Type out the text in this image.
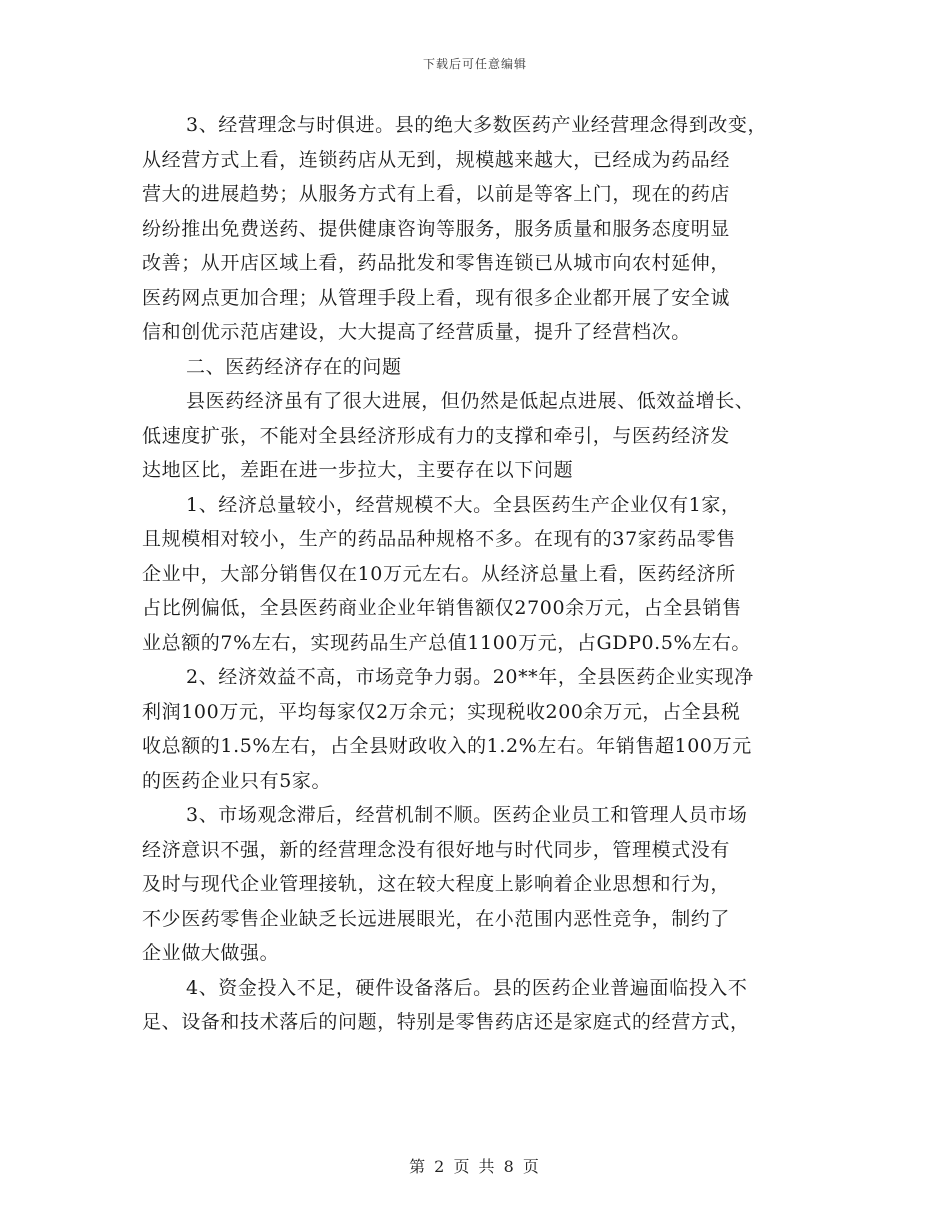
下载后可任意编辑
3、经营理念与时俱进。县的绝大多数医药产业经营理念得到改变，
从经营方式上看，连锁药店从无到，规模越来越大，已经成为药品经
营大的进展趋势；从服务方式有上看，以前是等客上门，现在的药店
纷纷推出免费送药、提供健康咨询等服务，服务质量和服务态度明显
改善；从开店区域上看，药品批发和零售连锁已从城市向农村延伸，
医药网点更加合理；从管理手段上看，现有很多企业都开展了安全诚
信和创优示范店建设，大大提高了经营质量，提升了经营档次。
二、医药经济存在的问题
县医药经济虽有了很大进展，但仍然是低起点进展、低效益增长、
低速度扩张，不能对全县经济形成有力的支撑和牵引，与医药经济发
达地区比，差距在进一步拉大，主要存在以下问题
1、经济总量较小，经营规模不大。全县医药生产企业仅有1家，
且规模相对较小，生产的药品品种规格不多。在现有的37家药品零售
企业中，大部分销售仅在10万元左右。从经济总量上看，医药经济所
占比例偏低，全县医药商业企业年销售额仅2700余万元，占全县销售
业总额的7%左右，实现药品生产总值1100万元，占GDP0.5%左右。
2、经济效益不高，市场竞争力弱。20**年，全县医药企业实现净
利润100万元，平均每家仅2万余元；实现税收200余万元，占全县税
收总额的1.5%左右，占全县财政收入的1.2%左右。年销售超100万元
的医药企业只有5家。
3、市场观念滞后，经营机制不顺。医药企业员工和管理人员市场
经济意识不强，新的经营理念没有很好地与时代同步，管理模式没有
及时与现代企业管理接轨，这在较大程度上影响着企业思想和行为，
不少医药零售企业缺乏长远进展眼光，在小范围内恶性竞争，制约了
企业做大做强。
4、资金投入不足，硬件设备落后。县的医药企业普遍面临投入不
足、设备和技术落后的问题，特别是零售药店还是家庭式的经营方式，
第 2 页 共 8 页
